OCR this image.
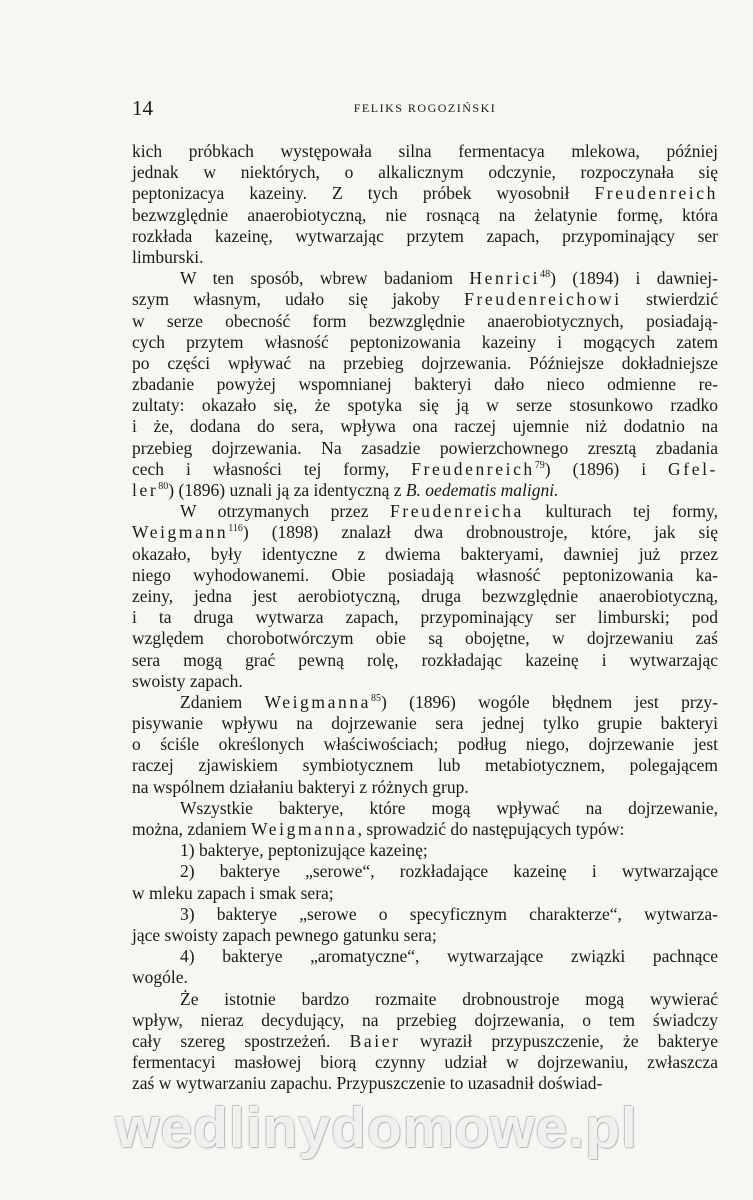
14	FELIKS ROGOZIŃSKI
kich próbkach występowała silna fermentacya mlekowa, później
jednak w niektórych, o alkalicznym odczynie, rozpoczynała się
peptonizacya kazeiny. Z tych próbek wyosobnił Freudenreich
bezwzględnie anaerobiotyczną, nie rosnącą na żelatynie formę, która
rozkłada kazeinę, wytwarzając przytem zapach, przypominający ser
limburski.
W ten sposób, wbrew badaniom Henrici$^{48}$) (1894) i dawniej-
szym własnym, udało się jakoby Freudenreichowi stwierdzić
w serze obecność form bezwzględnie anaerobiotycznych, posiadają-
cych przytem własność peptonizowania kazeiny i mogących zatem
po części wpływać na przebieg dojrzewania. Późniejsze dokładniejsze
zbadanie powyżej wspomnianej bakteryi dało nieco odmienne re-
zultaty: okazało się, że spotyka się ją w serze stosunkowo rzadko
i że, dodana do sera, wpływa ona raczej ujemnie niż dodatnio na
przebieg dojrzewania. Na zasadzie powierzchownego zresztą zbadania
cech i własności tej formy, Freudenreich$^{79}$) (1896) i Gfel-
ler$^{80}$) (1896) uznali ją za identyczną z B. oedematis maligni.
W otrzymanych przez Freudenreicha kulturach tej formy,
Weigmann$^{116}$) (1898) znalazł dwa drobnoustroje, które, jak się
okazało, były identyczne z dwiema bakteryami, dawniej już przez
niego wyhodowanemi. Obie posiadają własność peptonizowania ka-
zeiny, jedna jest aerobiotyczną, druga bezwzględnie anaerobiotyczną,
i ta druga wytwarza zapach, przypominający ser limburski; pod
względem chorobotwórczym obie są obojętne, w dojrzewaniu zaś
sera mogą grać pewną rolę, rozkładając kazeinę i wytwarzając
swoisty zapach.
Zdaniem Weigmanna$^{85}$) (1896) wogóle błędnem jest przy-
pisywanie wpływu na dojrzewanie sera jednej tylko grupie bakteryi
o ściśle określonych właściwościach; podług niego, dojrzewanie jest
raczej zjawiskiem symbiotycznem lub metabiotycznem, polegającem
na wspólnem działaniu bakteryi z różnych grup.
Wszystkie bakterye, które mogą wpływać na dojrzewanie,
można, zdaniem Weigmanna, sprowadzić do następujących typów:
1) bakterye, peptonizujące kazeinę;
2) bakterye „serowe“, rozkładające kazeinę i wytwarzające
w mleku zapach i smak sera;
3) bakterye „serowe o specyficznym charakterze“, wytwarza-
jące swoisty zapach pewnego gatunku sera;
4) bakterye „aromatyczne“, wytwarzające związki pachnące
wogóle.
Że istotnie bardzo rozmaite drobnoustroje mogą wywierać
wpływ, nieraz decydujący, na przebieg dojrzewania, o tem świadczy
cały szereg spostrzeżeń. Baier wyraził przypuszczenie, że bakterye
fermentacyi masłowej biorą czynny udział w dojrzewaniu, zwłaszcza
zaś w wytwarzaniu zapachu. Przypuszczenie to uzasadnił doświad-
wedlinydomowe.pl
